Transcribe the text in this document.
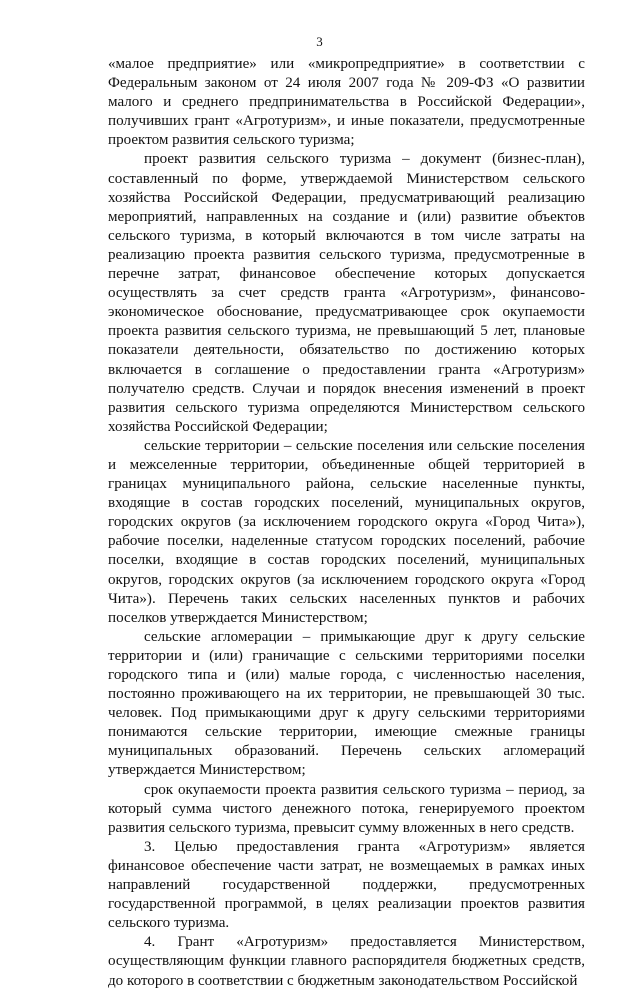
3

«малое предприятие» или «микропредприятие» в соответствии с Федеральным законом от 24 июля 2007 года № 209-ФЗ «О развитии малого и среднего предпринимательства в Российской Федерации», получивших грант «Агротуризм», и иные показатели, предусмотренные проектом развития сельского туризма;

проект развития сельского туризма – документ (бизнес-план), составленный по форме, утверждаемой Министерством сельского хозяйства Российской Федерации, предусматривающий реализацию мероприятий, направленных на создание и (или) развитие объектов сельского туризма, в который включаются в том числе затраты на реализацию проекта развития сельского туризма, предусмотренные в перечне затрат, финансовое обеспечение которых допускается осуществлять за счет средств гранта «Агротуризм», финансово-экономическое обоснование, предусматривающее срок окупаемости проекта развития сельского туризма, не превышающий 5 лет, плановые показатели деятельности, обязательство по достижению которых включается в соглашение о предоставлении гранта «Агротуризм» получателю средств. Случаи и порядок внесения изменений в проект развития сельского туризма определяются Министерством сельского хозяйства Российской Федерации;

сельские территории – сельские поселения или сельские поселения и межселенные территории, объединенные общей территорией в границах муниципального района, сельские населенные пункты, входящие в состав городских поселений, муниципальных округов, городских округов (за исключением городского округа «Город Чита»), рабочие поселки, наделенные статусом городских поселений, рабочие поселки, входящие в состав городских поселений, муниципальных округов, городских округов (за исключением городского округа «Город Чита»). Перечень таких сельских населенных пунктов и рабочих поселков утверждается Министерством;

сельские агломерации – примыкающие друг к другу сельские территории и (или) граничащие с сельскими территориями поселки городского типа и (или) малые города, с численностью населения, постоянно проживающего на их территории, не превышающей 30 тыс. человек. Под примыкающими друг к другу сельскими территориями понимаются сельские территории, имеющие смежные границы муниципальных образований. Перечень сельских агломераций утверждается Министерством;

срок окупаемости проекта развития сельского туризма – период, за который сумма чистого денежного потока, генерируемого проектом развития сельского туризма, превысит сумму вложенных в него средств.

3. Целью предоставления гранта «Агротуризм» является финансовое обеспечение части затрат, не возмещаемых в рамках иных направлений государственной поддержки, предусмотренных государственной программой, в целях реализации проектов развития сельского туризма.

4. Грант «Агротуризм» предоставляется Министерством, осуществляющим функции главного распорядителя бюджетных средств, до которого в соответствии с бюджетным законодательством Российской
